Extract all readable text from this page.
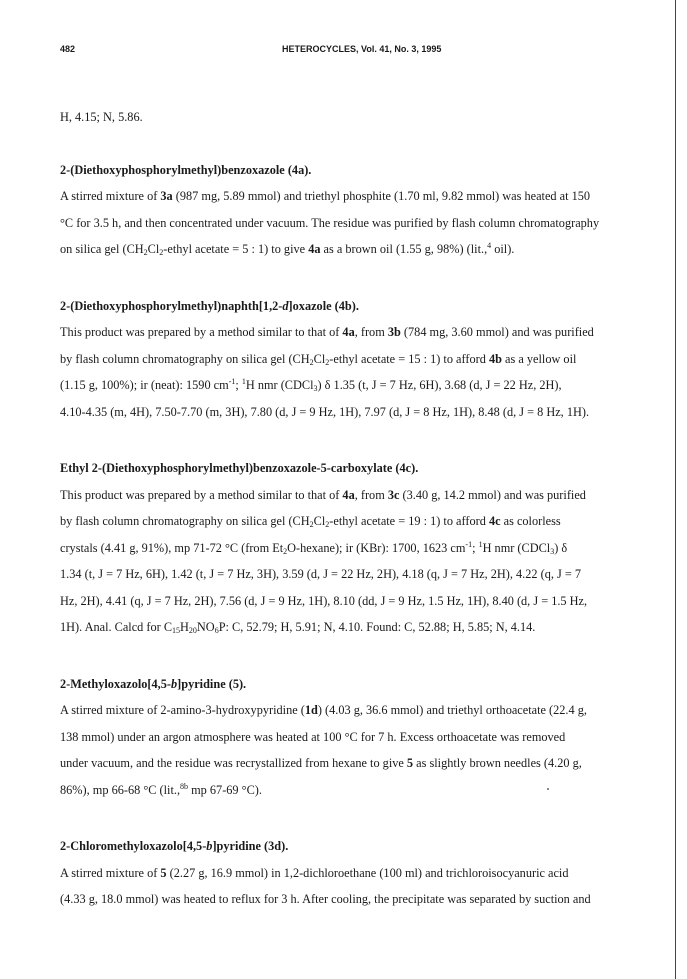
482	HETEROCYCLES, Vol. 41, No. 3, 1995

H, 4.15; N, 5.86.

2-(Diethoxyphosphorylmethyl)benzoxazole (4a).

A stirred mixture of 3a (987 mg, 5.89 mmol) and triethyl phosphite (1.70 ml, 9.82 mmol) was heated at 150

°C for 3.5 h, and then concentrated under vacuum. The residue was purified by flash column chromatography

on silica gel ($CH_2Cl_2$-ethyl acetate = 5 : 1) to give 4a as a brown oil (1.55 g, 98%) (lit.,$^4$ oil).

2-(Diethoxyphosphorylmethyl)naphth[1,2-d]oxazole (4b).

This product was prepared by a method similar to that of 4a, from 3b (784 mg, 3.60 mmol) and was purified

by flash column chromatography on silica gel ($CH_2Cl_2$-ethyl acetate = 15 : 1) to afford 4b as a yellow oil

(1.15 g, 100%); ir (neat): 1590 $cm^{-1}$; $^1$H nmr (CDCl$_3$) δ 1.35 (t, J = 7 Hz, 6H), 3.68 (d, J = 22 Hz, 2H),

4.10-4.35 (m, 4H), 7.50-7.70 (m, 3H), 7.80 (d, J = 9 Hz, 1H), 7.97 (d, J = 8 Hz, 1H), 8.48 (d, J = 8 Hz, 1H).

Ethyl 2-(Diethoxyphosphorylmethyl)benzoxazole-5-carboxylate (4c).

This product was prepared by a method similar to that of 4a, from 3c (3.40 g, 14.2 mmol) and was purified

by flash column chromatography on silica gel ($CH_2Cl_2$-ethyl acetate = 19 : 1) to afford 4c as colorless

crystals (4.41 g, 91%), mp 71-72 °C (from $Et_2O-hexane$); ir (KBr): 1700, 1623 $cm^{-1}$; $^1$H nmr (CDCl$_3$) δ

1.34 (t, J = 7 Hz, 6H), 1.42 (t, J = 7 Hz, 3H), 3.59 (d, J = 22 Hz, 2H), 4.18 (q, J = 7 Hz, 2H), 4.22 (q, J = 7

Hz, 2H), 4.41 (q, J = 7 Hz, 2H), 7.56 (d, J = 9 Hz, 1H), 8.10 (dd, J = 9 Hz, 1.5 Hz, 1H), 8.40 (d, J = 1.5 Hz,

1H). Anal. Calcd for $C_{15}H_{20}NO_6P$: C, 52.79; H, 5.91; N, 4.10. Found: C, 52.88; H, 5.85; N, 4.14.

2-Methyloxazolo[4,5-b]pyridine (5).

A stirred mixture of 2-amino-3-hydroxypyridine (1d) (4.03 g, 36.6 mmol) and triethyl orthoacetate (22.4 g,

138 mmol) under an argon atmosphere was heated at 100 °C for 7 h. Excess orthoacetate was removed

under vacuum, and the residue was recrystallized from hexane to give 5 as slightly brown needles (4.20 g,

86%), mp 66-68 °C (lit.,$^{8b}$ mp 67-69 °C).

2-Chloromethyloxazolo[4,5-b]pyridine (3d).

A stirred mixture of 5 (2.27 g, 16.9 mmol) in 1,2-dichloroethane (100 ml) and trichloroisocyanuric acid

(4.33 g, 18.0 mmol) was heated to reflux for 3 h. After cooling, the precipitate was separated by suction and
